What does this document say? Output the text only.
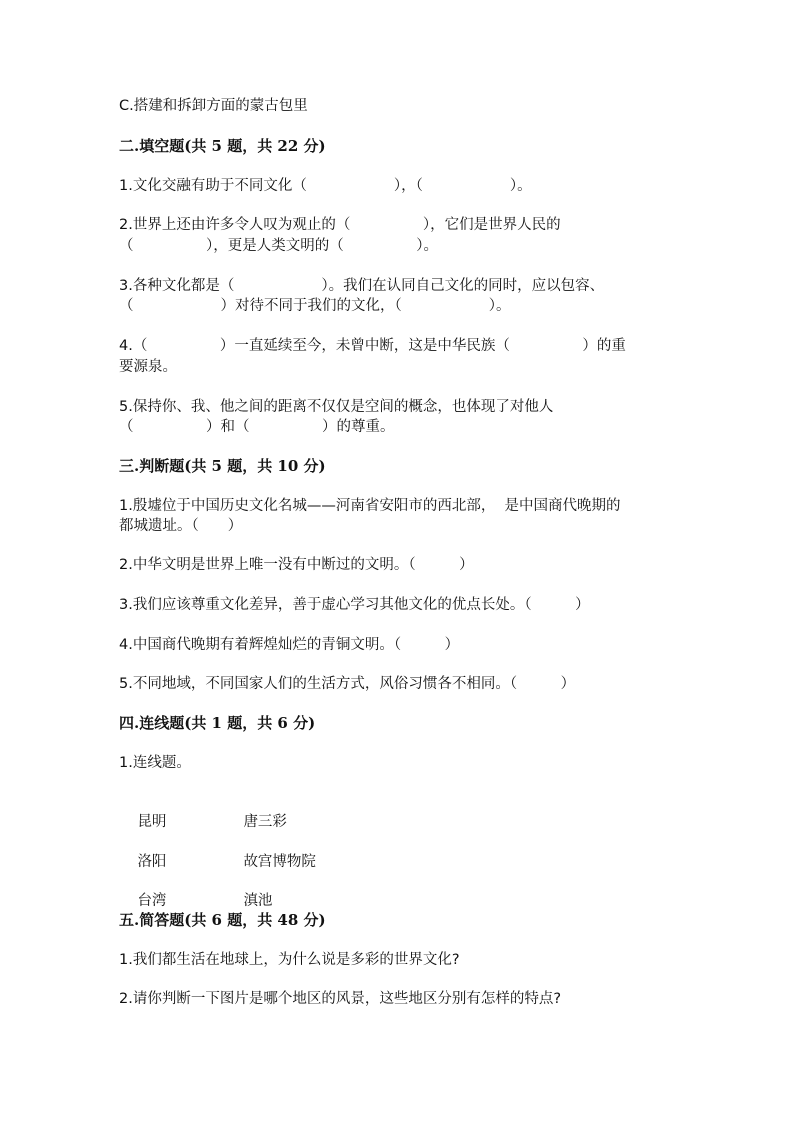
C.搭建和拆卸方面的蒙古包里
二.填空题(共 5 题，共 22 分)
1.文化交融有助于不同文化（　　　　　　），（　　　　　　）。
2.世界上还由许多令人叹为观止的（　　　　　），它们是世界人民的
（　　　　　），更是人类文明的（　　　　　）。
3.各种文化都是（　　　　　　）。我们在认同自己文化的同时，应以包容、
（　　　　　　）对待不同于我们的文化，（　　　　　　）。
4.（　　　　　）一直延续至今，未曾中断，这是中华民族（　　　　　）的重
要源泉。
5.保持你、我、他之间的距离不仅仅是空间的概念，也体现了对他人
（　　　　　）和（　　　　　）的尊重。
三.判断题(共 5 题，共 10 分)
1.殷墟位于中国历史文化名城——河南省安阳市的西北部，  是中国商代晚期的
都城遗址。（　　）
2.中华文明是世界上唯一没有中断过的文明。（　　　）
3.我们应该尊重文化差异，善于虚心学习其他文化的优点长处。（　　　）
4.中国商代晚期有着辉煌灿烂的青铜文明。（　　　）
5.不同地域，不同国家人们的生活方式，风俗习惯各不相同。（　　　）
四.连线题(共 1 题，共 6 分)
1.连线题。

昆明	唐三彩

洛阳	故宫博物院

台湾	滇池

五.简答题(共 6 题，共 48 分)
1.我们都生活在地球上，为什么说是多彩的世界文化?
2.请你判断一下图片是哪个地区的风景，这些地区分别有怎样的特点?
